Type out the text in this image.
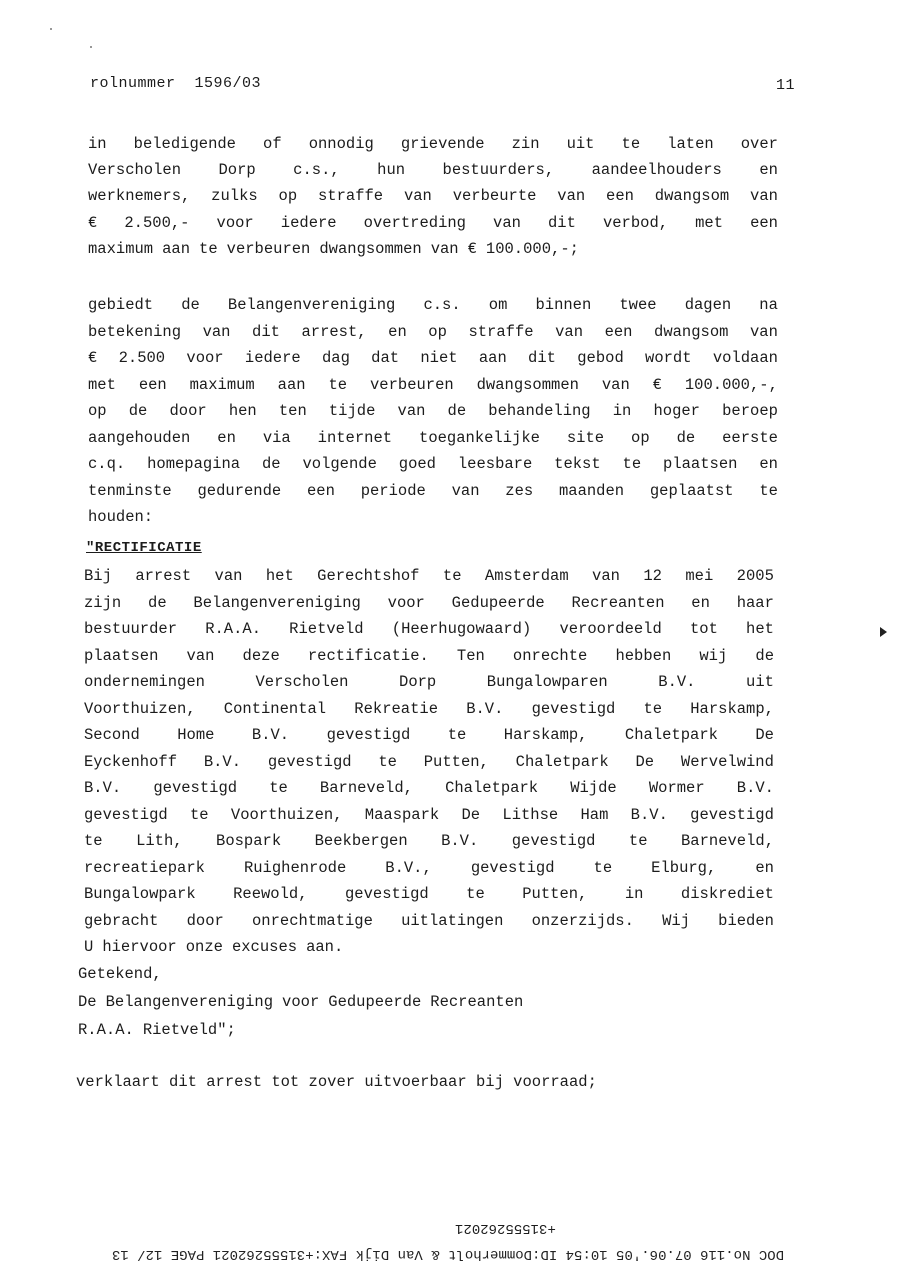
rolnummer  1596/03	11
in beledigende of onnodig grievende zin uit te laten over
Verscholen Dorp c.s., hun bestuurders, aandeelhouders en
werknemers, zulks op straffe van verbeurte van een dwangsom van
€ 2.500,- voor iedere overtreding van dit verbod, met een
maximum aan te verbeuren dwangsommen van € 100.000,-;
gebiedt de Belangenvereniging c.s. om binnen twee dagen na
betekening van dit arrest, en op straffe van een dwangsom van
€ 2.500 voor iedere dag dat niet aan dit gebod wordt voldaan
met een maximum aan te verbeuren dwangsommen van € 100.000,-,
op de door hen ten tijde van de behandeling in hoger beroep
aangehouden en via internet toegankelijke site op de eerste
c.q. homepagina de volgende goed leesbare tekst te plaatsen en
tenminste gedurende een periode van zes maanden geplaatst te
houden:
Bij arrest van het Gerechtshof te Amsterdam van 12 mei 2005
zijn de Belangenvereniging voor Gedupeerde Recreanten en haar
bestuurder R.A.A. Rietveld (Heerhugowaard) veroordeeld tot het
plaatsen van deze rectificatie. Ten onrechte hebben wij de
ondernemingen	Verscholen	Dorp	Bungalowparen	B.V.	uit
Voorthuizen, Continental Rekreatie B.V. gevestigd te Harskamp,
Second Home B.V. gevestigd te Harskamp, Chaletpark De
Eyckenhoff B.V. gevestigd te Putten, Chaletpark De Wervelwind
B.V. gevestigd te Barneveld, Chaletpark Wijde Wormer B.V.
gevestigd te Voorthuizen, Maaspark De Lithse Ham B.V. gevestigd
te Lith, Bospark Beekbergen B.V. gevestigd te Barneveld,
recreatiepark	Ruighenrode	B.V.,	gevestigd	te	Elburg,	en
Bungalowpark Reewold, gevestigd te Putten, in diskrediet
gebracht door onrechtmatige uitlatingen onzerzijds. Wij bieden
U hiervoor onze excuses aan.
Getekend,
De Belangenvereniging voor Gedupeerde Recreanten
R.A.A. Rietveld";
"RECTIFICATIE
verklaart dit arrest tot zover uitvoerbaar bij voorraad;
+31555262021
DOC No.116 07.06.'05 10:54 ID:Dommerholt & Van Dijk FAX:+31555262021 PAGE 12/ 13
